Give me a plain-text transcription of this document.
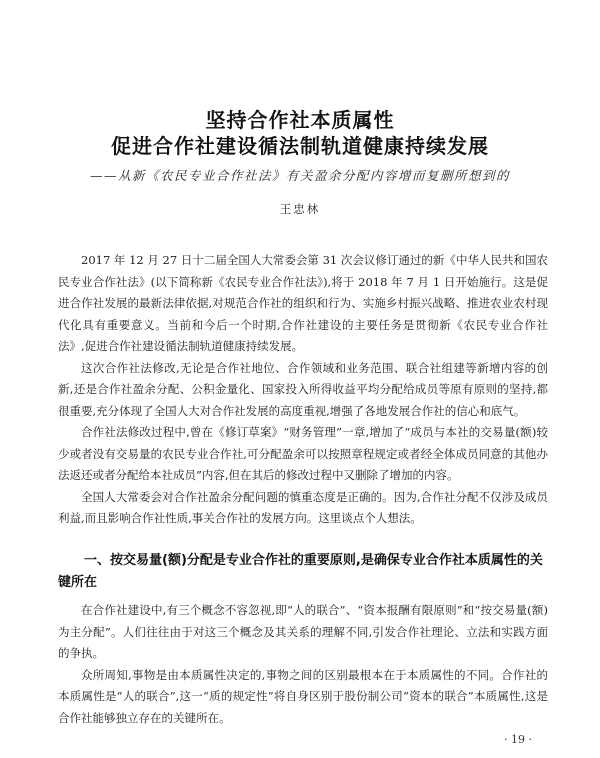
坚持合作社本质属性
促进合作社建设循法制轨道健康持续发展
——从新《农民专业合作社法》有关盈余分配内容增而复删所想到的
王忠林

2017 年 12 月 27 日十二届全国人大常委会第 31 次会议修订通过的新《中华人民共和国农民专业合作社法》(以下简称新《农民专业合作社法》),将于 2018 年 7 月 1 日开始施行。这是促进合作社发展的最新法律依据,对规范合作社的组织和行为、实施乡村振兴战略、推进农业农村现代化具有重要意义。当前和今后一个时期,合作社建设的主要任务是贯彻新《农民专业合作社法》,促进合作社建设循法制轨道健康持续发展。

这次合作社法修改,无论是合作社地位、合作领域和业务范围、联合社组建等新增内容的创新,还是合作社盈余分配、公积金量化、国家投入所得收益平均分配给成员等原有原则的坚持,都很重要,充分体现了全国人大对合作社发展的高度重视,增强了各地发展合作社的信心和底气。

合作社法修改过程中,曾在《修订草案》“财务管理”一章,增加了“成员与本社的交易量(额)较少或者没有交易量的农民专业合作社,可分配盈余可以按照章程规定或者经全体成员同意的其他办法返还或者分配给本社成员”内容,但在其后的修改过程中又删除了增加的内容。

全国人大常委会对合作社盈余分配问题的慎重态度是正确的。因为,合作社分配不仅涉及成员利益,而且影响合作社性质,事关合作社的发展方向。这里谈点个人想法。

一、按交易量(额)分配是专业合作社的重要原则,是确保专业合作社本质属性的关键所在

在合作社建设中,有三个概念不容忽视,即“人的联合”、“资本报酬有限原则”和“按交易量(额)为主分配”。人们往往由于对这三个概念及其关系的理解不同,引发合作社理论、立法和实践方面的争执。

众所周知,事物是由本质属性决定的,事物之间的区别最根本在于本质属性的不同。合作社的本质属性是“人的联合”,这一“质的规定性”将自身区别于股份制公司“资本的联合”本质属性,这是合作社能够独立存在的关键所在。

· 19 ·
